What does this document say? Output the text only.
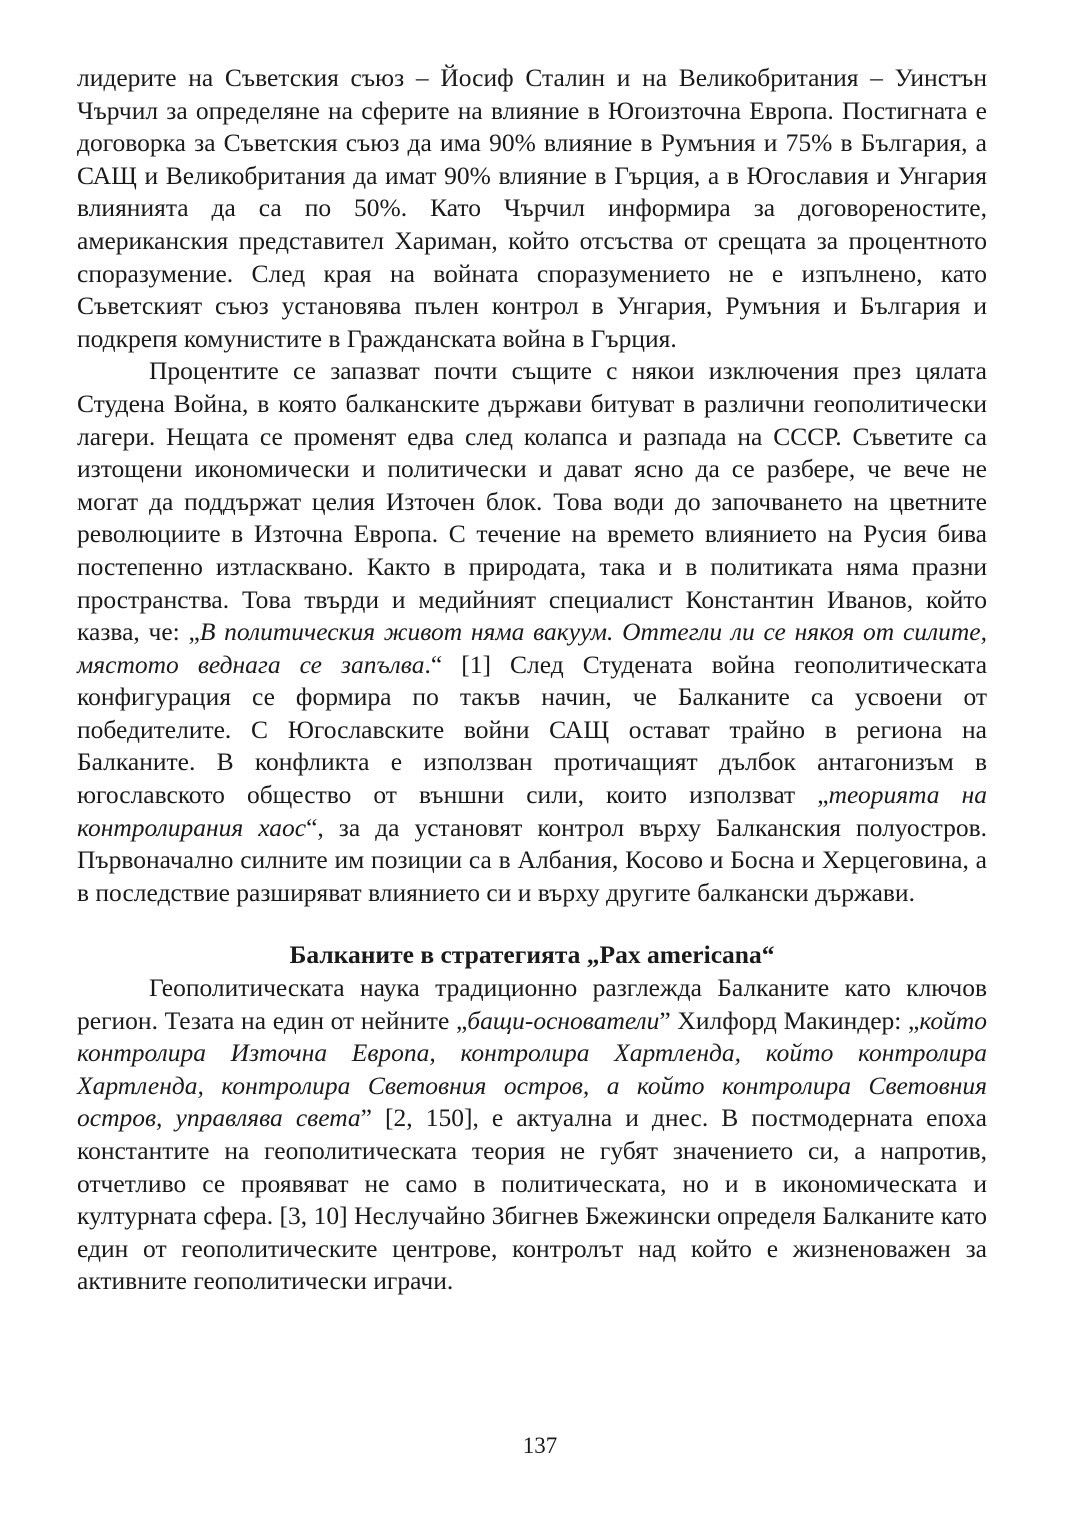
лидерите на Съветския съюз – Йосиф Сталин и на Великобритания – Уинстън Чърчил за определяне на сферите на влияние в Югоизточна Европа. Постигната е договорка за Съветския съюз да има 90% влияние в Румъния и 75% в България, а САЩ и Великобритания да имат 90% влияние в Гърция, а в Югославия и Унгария влиянията да са по 50%. Като Чърчил информира за договореностите, американския представител Хариман, който отсъства от срещата за процентното споразумение. След края на войната споразумението не е изпълнено, като Съветският съюз установява пълен контрол в Унгария, Румъния и България и подкрепя комунистите в Гражданската война в Гърция.

Процентите се запазват почти същите с някои изключения през цялата Студена Война, в която балканските държави битуват в различни геополитически лагери. Нещата се променят едва след колапса и разпада на СССР. Съветите са изтощени икономически и политически и дават ясно да се разбере, че вече не могат да поддържат целия Източен блок. Това води до започването на цветните революциите в Източна Европа. С течение на времето влиянието на Русия бива постепенно изтласквано. Както в природата, така и в политиката няма празни пространства. Това твърди и медийният специалист Константин Иванов, който казва, че: „В политическия живот няма вакуум. Оттегли ли се някоя от силите, мястото веднага се запълва.“ [1] След Студената война геополитическата конфигурация се формира по такъв начин, че Балканите са усвоени от победителите. С Югославските войни САЩ остават трайно в региона на Балканите. В конфликта е използван протичащият дълбок антагонизъм в югославското общество от външни сили, които използват „теорията на контролирания хаос“, за да установят контрол върху Балканския полуостров. Първоначално силните им позиции са в Албания, Косово и Босна и Херцеговина, а в последствие разширяват влиянието си и върху другите балкански държави.

Балканите в стратегията „Pax americana“

Геополитическата наука традиционно разглежда Балканите като ключов регион. Тезата на един от нейните „бащи-основатели” Хилфорд Макиндер: „който контролира Източна Европа, контролира Хартленда, който контролира Хартленда, контролира Световния остров, а който контролира Световния остров, управлява света” [2, 150], е актуална и днес. В постмодерната епоха константите на геополитическата теория не губят значението си, а напротив, отчетливо се проявяват не само в политическата, но и в икономическата и културната сфера. [3, 10] Неслучайно Збигнев Бжежински определя Балканите като един от геополитическите центрове, контролът над който е жизненоважен за активните геополитически играчи.

137
